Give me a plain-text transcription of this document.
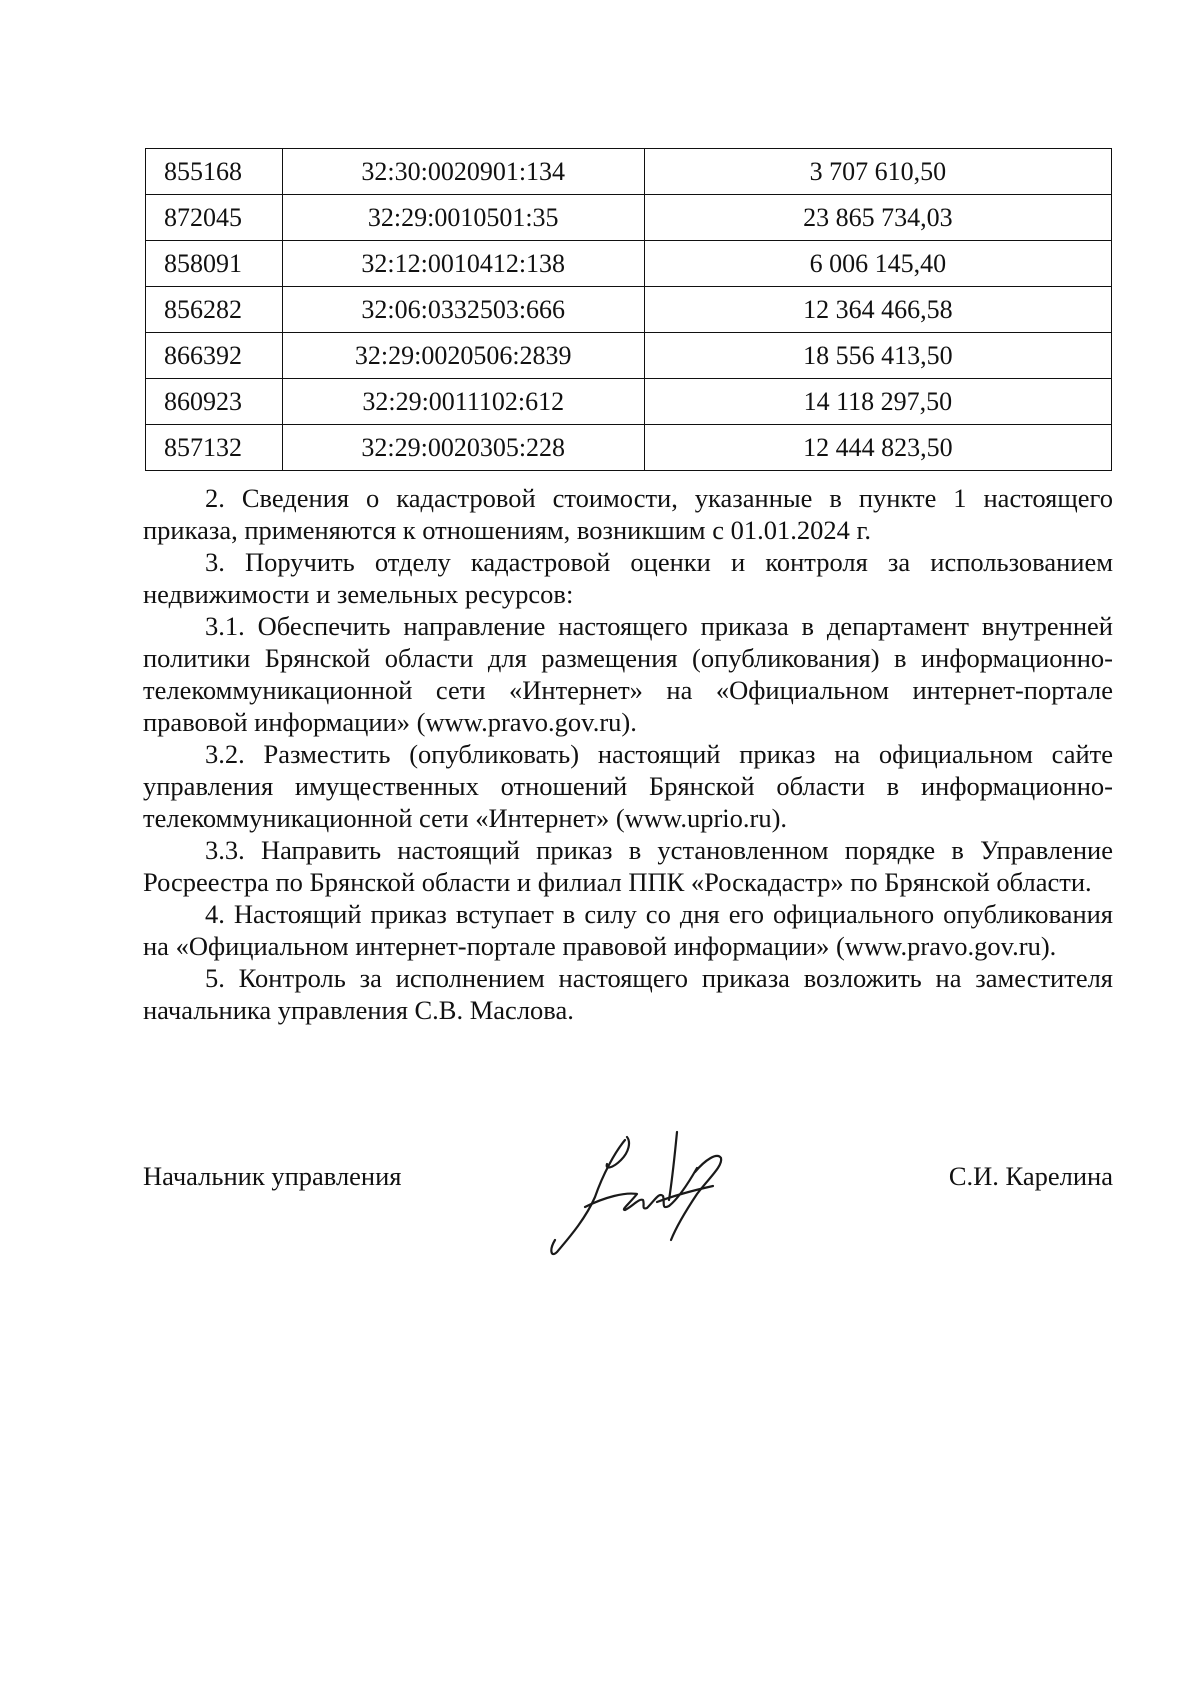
855168	32:30:0020901:134	3 707 610,50
872045	32:29:0010501:35	23 865 734,03
858091	32:12:0010412:138	6 006 145,40
856282	32:06:0332503:666	12 364 466,58
866392	32:29:0020506:2839	18 556 413,50
860923	32:29:0011102:612	14 118 297,50
857132	32:29:0020305:228	12 444 823,50

2. Сведения о кадастровой стоимости, указанные в пункте 1 настоящего приказа, применяются к отношениям, возникшим с 01.01.2024 г.

3. Поручить отделу кадастровой оценки и контроля за использованием недвижимости и земельных ресурсов:

3.1. Обеспечить направление настоящего приказа в департамент внутренней политики Брянской области для размещения (опубликования) в информационно-телекоммуникационной сети «Интернет» на «Официальном интернет-портале правовой информации» (www.pravo.gov.ru).

3.2. Разместить (опубликовать) настоящий приказ на официальном сайте управления имущественных отношений Брянской области в информационно-телекоммуникационной сети «Интернет» (www.uprio.ru).

3.3. Направить настоящий приказ в установленном порядке в Управление Росреестра по Брянской области и филиал ППК «Роскадастр» по Брянской области.

4. Настоящий приказ вступает в силу со дня его официального опубликования на «Официальном интернет-портале правовой информации» (www.pravo.gov.ru).

5. Контроль за исполнением настоящего приказа возложить на заместителя начальника управления С.В. Маслова.

Начальник управления	С.И. Карелина
